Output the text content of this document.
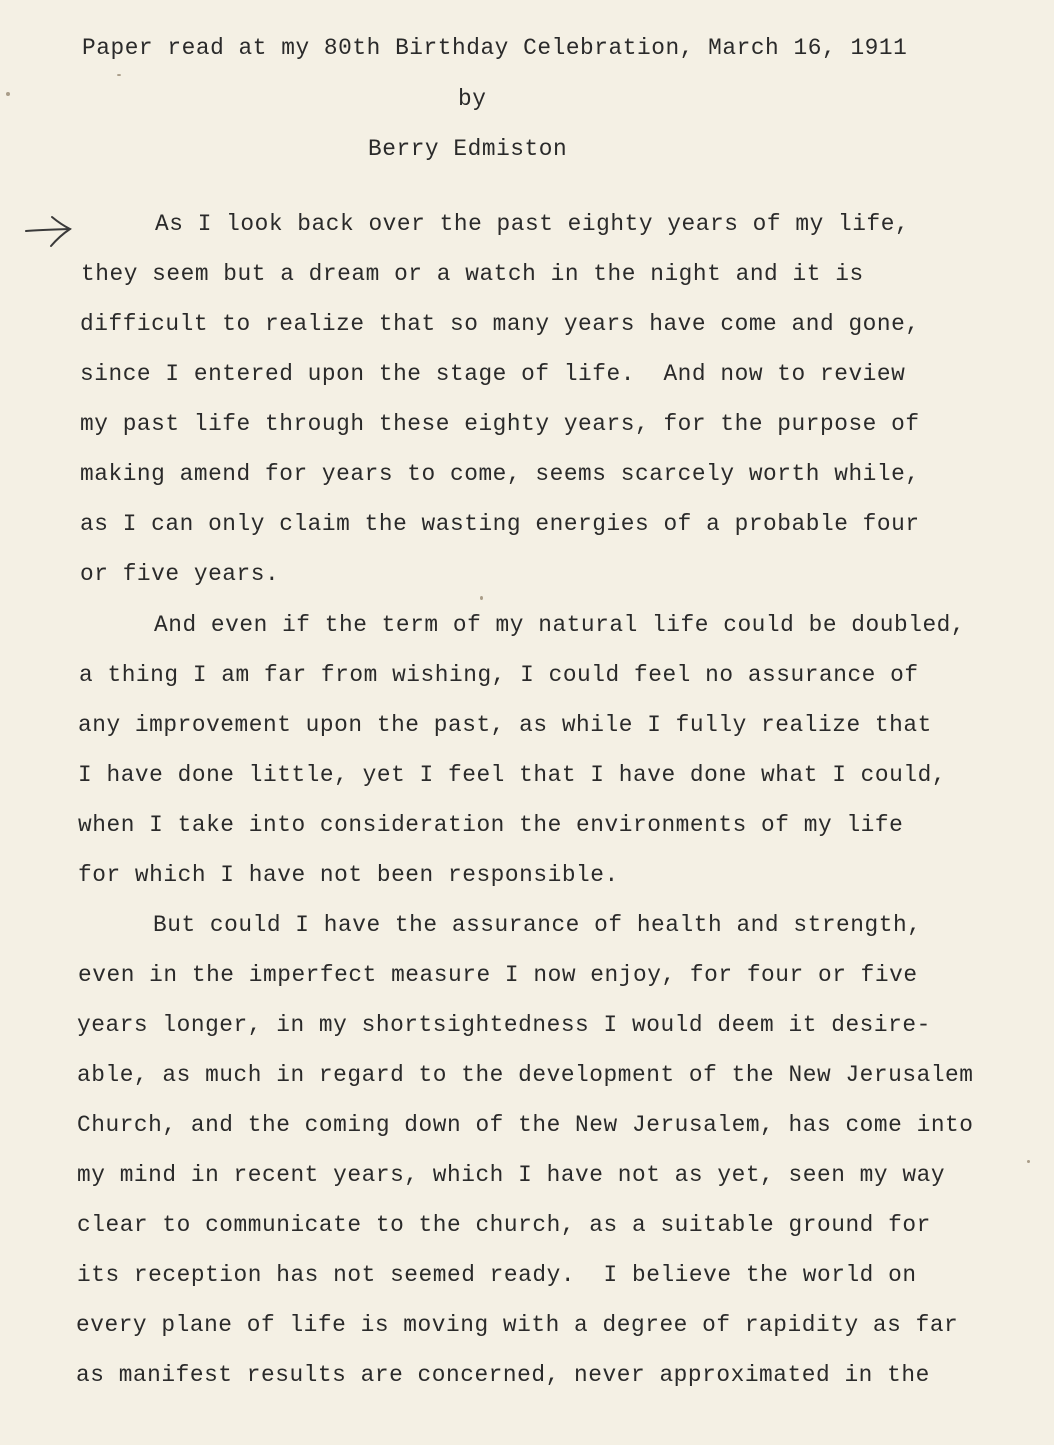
Paper read at my 80th Birthday Celebration, March 16, 1911

by

Berry Edmiston

As I look back over the past eighty years of my life,

they seem but a dream or a watch in the night and it is

difficult to realize that so many years have come and gone,

since I entered upon the stage of life.  And now to review

my past life through these eighty years, for the purpose of

making amend for years to come, seems scarcely worth while,

as I can only claim the wasting energies of a probable four

or five years.

And even if the term of my natural life could be doubled,

a thing I am far from wishing, I could feel no assurance of

any improvement upon the past, as while I fully realize that

I have done little, yet I feel that I have done what I could,

when I take into consideration the environments of my life

for which I have not been responsible.

But could I have the assurance of health and strength,

even in the imperfect measure I now enjoy, for four or five

years longer, in my shortsightedness I would deem it desire-

able, as much in regard to the development of the New Jerusalem

Church, and the coming down of the New Jerusalem, has come into

my mind in recent years, which I have not as yet, seen my way

clear to communicate to the church, as a suitable ground for

its reception has not seemed ready.  I believe the world on

every plane of life is moving with a degree of rapidity as far

as manifest results are concerned, never approximated in the
